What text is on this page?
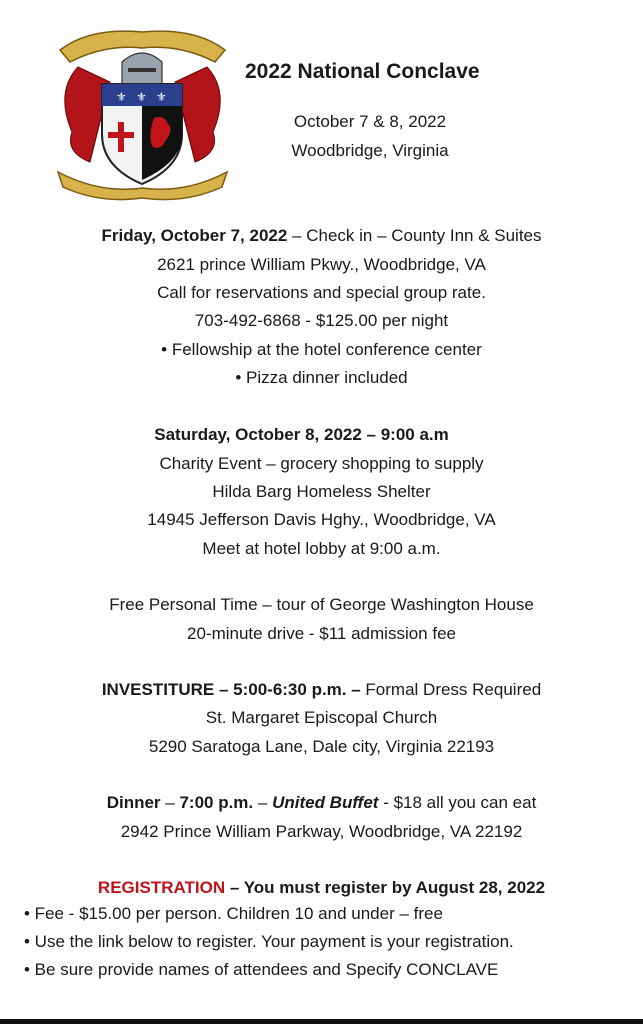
⚜ ⚜ ⚜
2022 National Conclave
October 7 & 8, 2022
Woodbridge, Virginia
Friday, October 7, 2022 – Check in – County Inn & Suites
2621 prince William Pkwy., Woodbridge, VA
Call for reservations and special group rate.
703-492-6868 - $125.00 per night
• Fellowship at the hotel conference center
• Pizza dinner included
Saturday, October 8, 2022 – 9:00 a.m
Charity Event – grocery shopping to supply
Hilda Barg Homeless Shelter
14945 Jefferson Davis Hghy., Woodbridge, VA
Meet at hotel lobby at 9:00 a.m.
Free Personal Time – tour of George Washington House
20-minute drive - $11 admission fee
INVESTITURE – 5:00-6:30 p.m. – Formal Dress Required
St. Margaret Episcopal Church
5290 Saratoga Lane, Dale city, Virginia 22193
Dinner – 7:00 p.m. – United Buffet - $18 all you can eat
2942 Prince William Parkway, Woodbridge, VA 22192
REGISTRATION – You must register by August 28, 2022
• Fee - $15.00 per person. Children 10 and under – free
• Use the link below to register. Your payment is your registration.
• Be sure provide names of attendees and Specify CONCLAVE
